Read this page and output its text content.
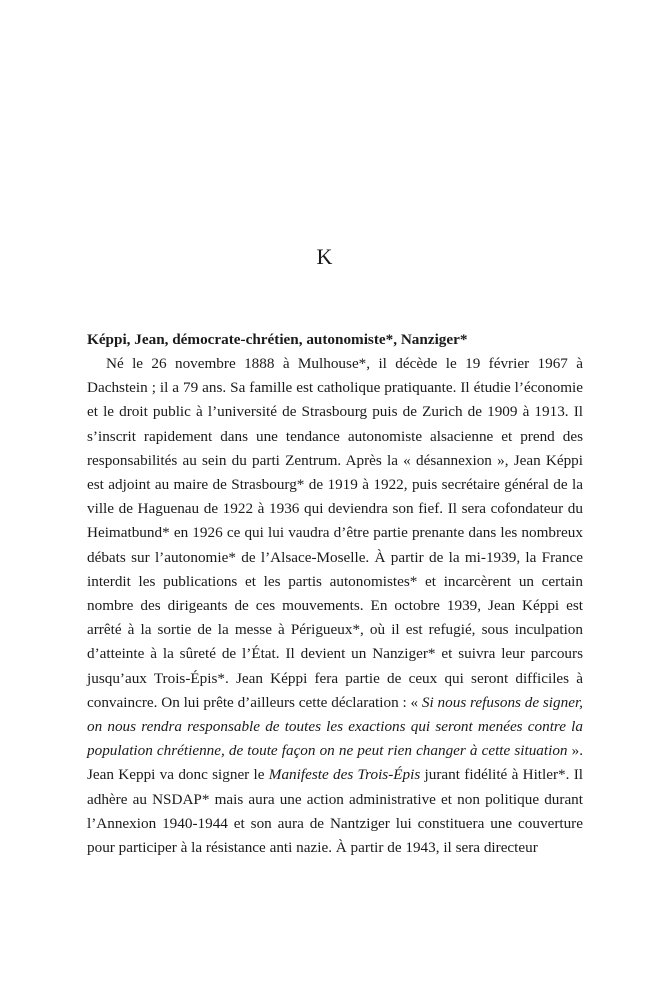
K

Képpi, Jean, démocrate-chrétien, autonomiste*, Nanziger*

Né le 26 novembre 1888 à Mulhouse*, il décède le 19 février 1967 à Dachstein ; il a 79 ans. Sa famille est catholique pratiquante. Il étudie l’économie et le droit public à l’université de Strasbourg puis de Zurich de 1909 à 1913. Il s’inscrit rapidement dans une tendance autonomiste alsacienne et prend des responsabilités au sein du parti Zentrum. Après la « désannexion », Jean Képpi est adjoint au maire de Strasbourg* de 1919 à 1922, puis secrétaire général de la ville de Haguenau de 1922 à 1936 qui deviendra son fief. Il sera cofondateur du Heimatbund* en 1926 ce qui lui vaudra d’être partie prenante dans les nombreux débats sur l’autonomie* de l’Alsace-Moselle. À partir de la mi-1939, la France interdit les publications et les partis autonomistes* et incarcèrent un certain nombre des dirigeants de ces mouvements. En octobre 1939, Jean Képpi est arrêté à la sortie de la messe à Périgueux*, où il est refugié, sous inculpation d’atteinte à la sûreté de l’État. Il devient un Nanziger* et suivra leur parcours jusqu’aux Trois-Épis*. Jean Képpi fera partie de ceux qui seront difficiles à convaincre. On lui prête d’ailleurs cette déclaration : « Si nous refusons de signer, on nous rendra responsable de toutes les exactions qui seront menées contre la population chrétienne, de toute façon on ne peut rien changer à cette situation ». Jean Keppi va donc signer le Manifeste des Trois-Épis jurant fidélité à Hitler*. Il adhère au NSDAP* mais aura une action administrative et non politique durant l’Annexion 1940-1944 et son aura de Nantziger lui constituera une couverture pour participer à la résistance anti nazie. À partir de 1943, il sera directeur
